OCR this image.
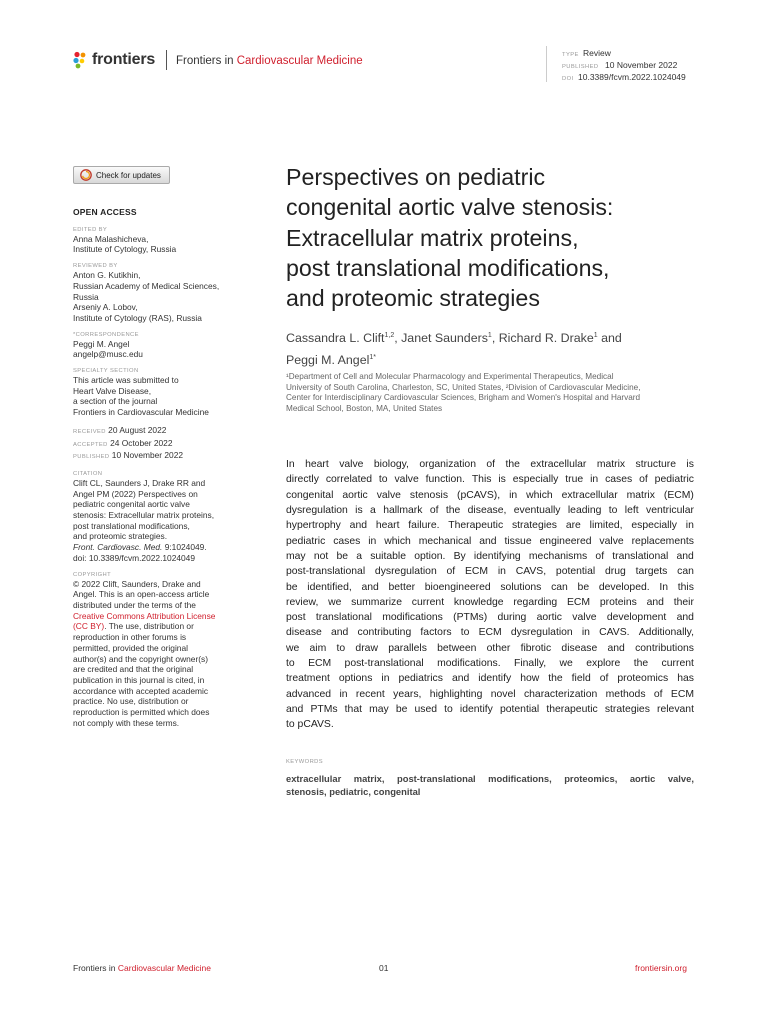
frontiers Frontiers in Cardiovascular Medicine	TYPE Review
PUBLISHED 10 November 2022
DOI 10.3389/fcvm.2022.1024049
Check for updates
OPEN ACCESS
EDITED BY
Anna Malashicheva,
Institute of Cytology, Russia
REVIEWED BY
Anton G. Kutikhin,
Russian Academy of Medical Sciences,
Russia
Arseniy A. Lobov,
Institute of Cytology (RAS), Russia
*CORRESPONDENCE
Peggi M. Angel
angelp@musc.edu
SPECIALTY SECTION
This article was submitted to
Heart Valve Disease,
a section of the journal
Frontiers in Cardiovascular Medicine
RECEIVED 20 August 2022
ACCEPTED 24 October 2022
PUBLISHED 10 November 2022
CITATION
Clift CL, Saunders J, Drake RR and
Angel PM (2022) Perspectives on
pediatric congenital aortic valve
stenosis: Extracellular matrix proteins,
post translational modifications,
and proteomic strategies.
Front. Cardiovasc. Med. 9:1024049.
doi: 10.3389/fcvm.2022.1024049
COPYRIGHT
© 2022 Clift, Saunders, Drake and
Angel. This is an open-access article
distributed under the terms of the
Creative Commons Attribution License
(CC BY). The use, distribution or
reproduction in other forums is
permitted, provided the original
author(s) and the copyright owner(s)
are credited and that the original
publication in this journal is cited, in
accordance with accepted academic
practice. No use, distribution or
reproduction is permitted which does
not comply with these terms.
Perspectives on pediatric
congenital aortic valve stenosis:
Extracellular matrix proteins,
post translational modifications,
and proteomic strategies
Cassandra L. Clift$^{1,2}$, Janet Saunders$^1$, Richard R. Drake$^1$ and
Peggi M. Angel$^{1*}$
¹Department of Cell and Molecular Pharmacology and Experimental Therapeutics, Medical
University of South Carolina, Charleston, SC, United States, ²Division of Cardiovascular Medicine,
Center for Interdisciplinary Cardiovascular Sciences, Brigham and Women's Hospital and Harvard
Medical School, Boston, MA, United States
In heart valve biology, organization of the extracellular matrix structure is
directly correlated to valve function. This is especially true in cases of pediatric
congenital aortic valve stenosis (pCAVS), in which extracellular matrix (ECM)
dysregulation is a hallmark of the disease, eventually leading to left ventricular
hypertrophy and heart failure. Therapeutic strategies are limited, especially in
pediatric cases in which mechanical and tissue engineered valve replacements
may not be a suitable option. By identifying mechanisms of translational and
post-translational dysregulation of ECM in CAVS, potential drug targets can
be identified, and better bioengineered solutions can be developed. In this
review, we summarize current knowledge regarding ECM proteins and their
post translational modifications (PTMs) during aortic valve development and
disease and contributing factors to ECM dysregulation in CAVS. Additionally,
we aim to draw parallels between other fibrotic disease and contributions
to ECM post-translational modifications. Finally, we explore the current
treatment options in pediatrics and identify how the field of proteomics has
advanced in recent years, highlighting novel characterization methods of ECM
and PTMs that may be used to identify potential therapeutic strategies relevant
to pCAVS.
KEYWORDS
extracellular matrix, post-translational modifications, proteomics, aortic valve,
stenosis, pediatric, congenital
Frontiers in Cardiovascular Medicine	01	frontiersin.org
